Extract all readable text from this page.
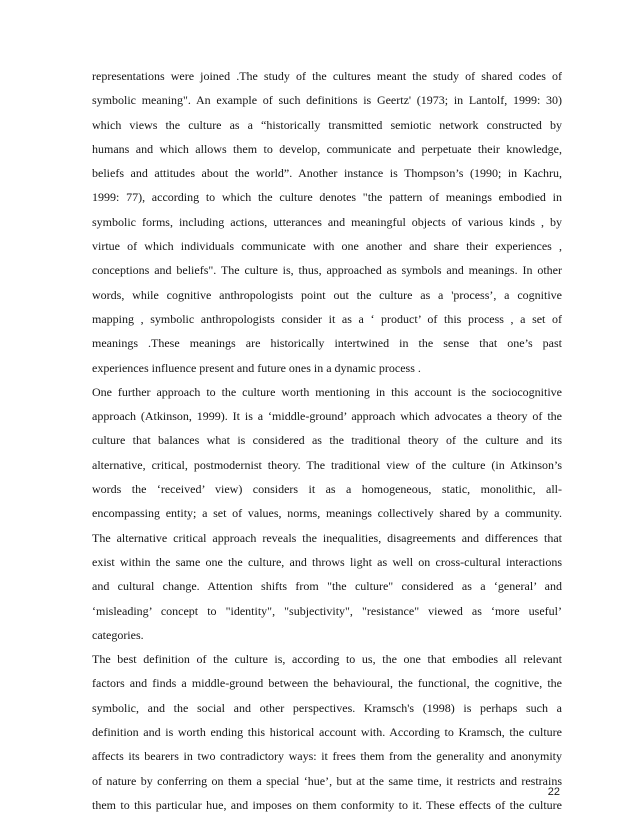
representations were joined .The study of the cultures meant the study of shared codes of
symbolic meaning". An example of such definitions is Geertz' (1973; in Lantolf, 1999: 30)
which views the culture as a “historically transmitted semiotic network constructed by
humans and which allows them to develop, communicate and perpetuate their knowledge,
beliefs and attitudes about the world”. Another instance is Thompson’s (1990; in Kachru,
1999: 77), according to which the culture denotes "the pattern of meanings embodied in
symbolic forms, including actions, utterances and meaningful objects of various kinds , by
virtue of which individuals communicate with one another and share their experiences ,
conceptions and beliefs". The culture is, thus, approached as symbols and meanings. In other
words, while cognitive anthropologists point out the culture as a 'process’, a cognitive
mapping , symbolic anthropologists consider it as a ‘ product’ of this process , a set of
meanings .These meanings are historically intertwined in the sense that one’s past
experiences influence present and future ones in a dynamic process .
One further approach to the culture worth mentioning in this account is the sociocognitive
approach (Atkinson, 1999). It is a ‘middle-ground’ approach which advocates a theory of the
culture that balances what is considered as the traditional theory of the culture and its
alternative, critical, postmodernist theory. The traditional view of the culture (in Atkinson’s
words the ‘received’ view) considers it as a homogeneous, static, monolithic, all-
encompassing entity; a set of values, norms, meanings collectively shared by a community.
The alternative critical approach reveals the inequalities, disagreements and differences that
exist within the same one the culture, and throws light as well on cross-cultural interactions
and cultural change. Attention shifts from "the culture" considered as a ‘general’ and
‘misleading’ concept to "identity", "subjectivity", "resistance" viewed as ‘more useful’
categories.
The best definition of the culture is, according to us, the one that embodies all relevant
factors and finds a middle-ground between the behavioural, the functional, the cognitive, the
symbolic, and the social and other perspectives. Kramsch's (1998) is perhaps such a
definition and is worth ending this historical account with. According to Kramsch, the culture
affects its bearers in two contradictory ways: it frees them from the generality and anonymity
of nature by conferring on them a special ‘hue’, but at the same time, it restricts and restrains
them to this particular hue, and imposes on them conformity to it. These effects of the culture
22
